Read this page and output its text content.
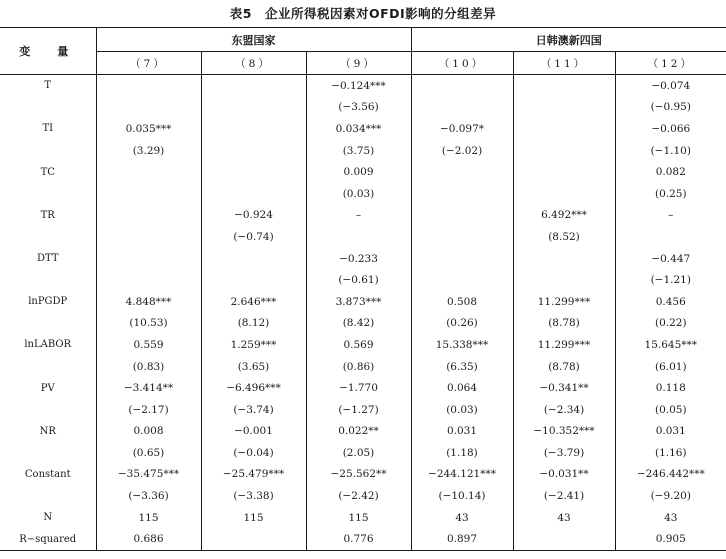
表5　企业所得税因素对OFDI影响的分组差异
变　量	东盟国家			日韩澳新四国		
	（7）	（8）	（9）	（10）	（11）	（12）
T			−0.124***			−0.074
			(−3.56)			(−0.95)
TI	0.035***		0.034***	−0.097*		−0.066
	(3.29)		(3.75)	(−2.02)		(−1.10)
TC			0.009			0.082
			(0.03)			(0.25)
TR		−0.924	–		6.492***	–
		(−0.74)			(8.52)	
DTT			−0.233			−0.447
			(−0.61)			(−1.21)
lnPGDP	4.848***	2.646***	3.873***	0.508	11.299***	0.456
	(10.53)	(8.12)	(8.42)	(0.26)	(8.78)	(0.22)
lnLABOR	0.559	1.259***	0.569	15.338***	11.299***	15.645***
	(0.83)	(3.65)	(0.86)	(6.35)	(8.78)	(6.01)
PV	−3.414**	−6.496***	−1.770	0.064	−0.341**	0.118
	(−2.17)	(−3.74)	(−1.27)	(0.03)	(−2.34)	(0.05)
NR	0.008	−0.001	0.022**	0.031	−10.352***	0.031
	(0.65)	(−0.04)	(2.05)	(1.18)	(−3.79)	(1.16)
Constant	−35.475***	−25.479***	−25.562**	−244.121***	−0.031**	−246.442***
	(−3.36)	(−3.38)	(−2.42)	(−10.14)	(−2.41)	(−9.20)
N	115	115	115	43	43	43
R−squared	0.686		0.776	0.897		0.905
